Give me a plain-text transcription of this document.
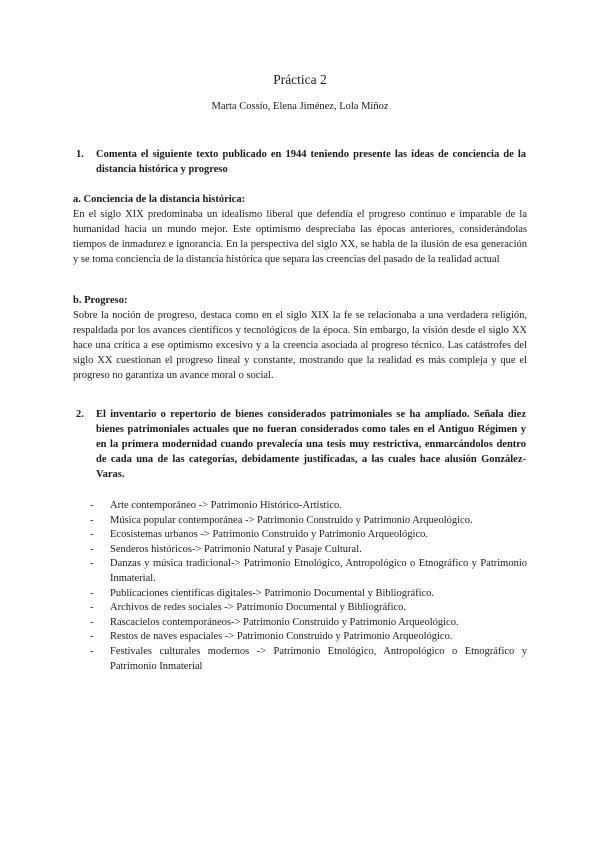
Práctica 2
Marta Cossío, Elena Jiménez, Lola Miñoz
1. Comenta el siguiente texto publicado en 1944 teniendo presente las ideas de conciencia de la distancia histórica y progreso
a. Conciencia de la distancia histórica:
En el siglo XIX predominaba un idealismo liberal que defendía el progreso continuo e imparable de la humanidad hacia un mundo mejor. Este optimismo despreciaba las épocas anteriores, considerándolas tiempos de inmadurez e ignorancia. En la perspectiva del siglo XX, se habla de la ilusión de esa generación y se toma conciencia de la distancia histórica que separa las creencias del pasado de la realidad actual
b. Progreso:
Sobre la noción de progreso, destaca como en el siglo XIX la fe se relacionaba a una verdadera religión, respaldada por los avances científicos y tecnológicos de la época. Sin embargo, la visión desde el siglo XX hace una crítica a ese optimismo excesivo y a la creencia asociada al progreso técnico. Las catástrofes del siglo XX cuestionan el progreso lineal y constante, mostrando que la realidad es más compleja y que el progreso no garantiza un avance moral o social.
2. El inventario o repertorio de bienes considerados patrimoniales se ha ampliado. Señala diez bienes patrimoniales actuales que no fueran considerados como tales en el Antiguo Régimen y en la primera modernidad cuando prevalecía una tesis muy restrictiva, enmarcándolos dentro de cada una de las categorías, debidamente justificadas, a las cuales hace alusión González-Varas.
- Arte contemporáneo -> Patrimonio Histórico-Artístico.
- Música popular contemporánea -> Patrimonio Construido y Patrimonio Arqueológico.
- Ecosistemas urbanos -> Patrimonio Construido y Patrimonio Arqueológico.
- Senderos históricos-> Patrimonio Natural y Pasaje Cultural.
- Danzas y música tradicional-> Patrimonio Etnológico, Antropológico o Etnográfico y Patrimonio Inmaterial.
- Publicaciones científicas digitales-> Patrimonio Documental y Bibliográfico.
- Archivos de redes sociales -> Patrimonio Documental y Bibliográfico.
- Rascacielos contemporáneos-> Patrimonio Construido y Patrimonio Arqueológico.
- Restos de naves espaciales -> Patrimonio Construido y Patrimonio Arqueológico.
- Festivales culturales modernos -> Patrimonio Etnológico, Antropológico o Etnográfico y Patrimonio Inmaterial
